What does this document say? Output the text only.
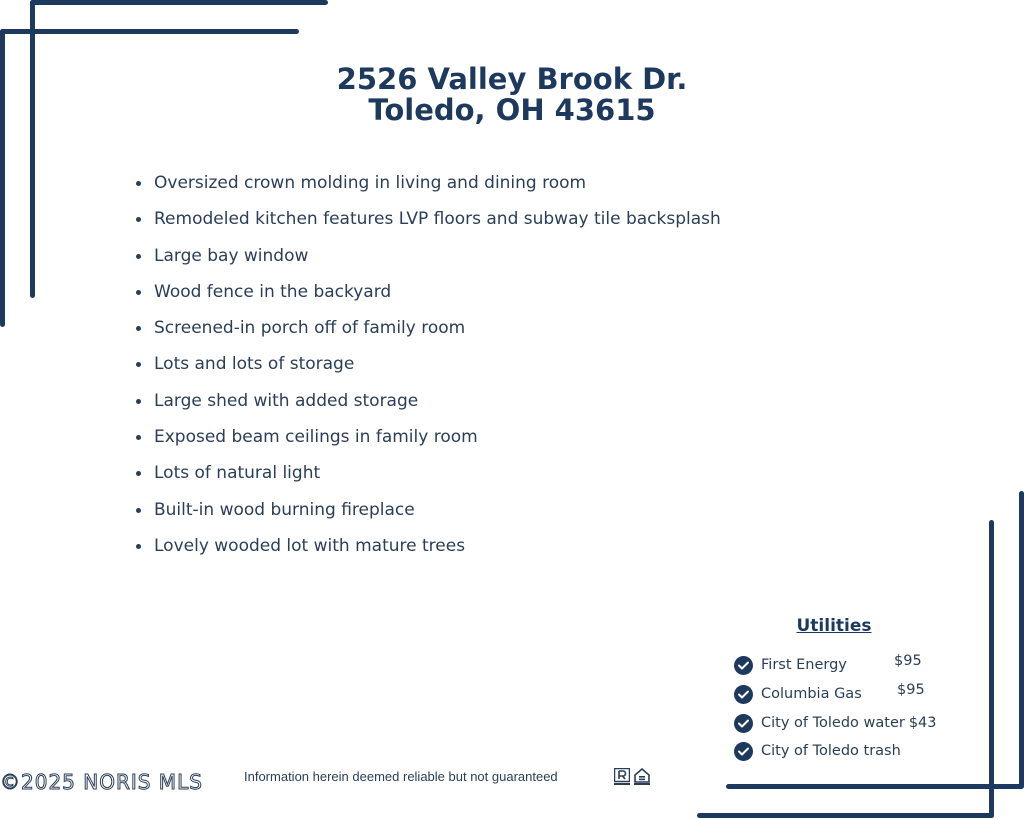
2526 Valley Brook Dr.
Toledo, OH 43615
Oversized crown molding in living and dining room
Remodeled kitchen features LVP floors and subway tile backsplash
Large bay window
Wood fence in the backyard
Screened-in porch off of family room
Lots and lots of storage
Large shed with added storage
Exposed beam ceilings in family room
Lots of natural light
Built-in wood burning fireplace
Lovely wooded lot with mature trees
Utilities
First Energy	$95
Columbia Gas $95
City of Toledo water $43
City of Toledo trash
©2025 NORIS MLS	Information herein deemed reliable but not guaranteed
